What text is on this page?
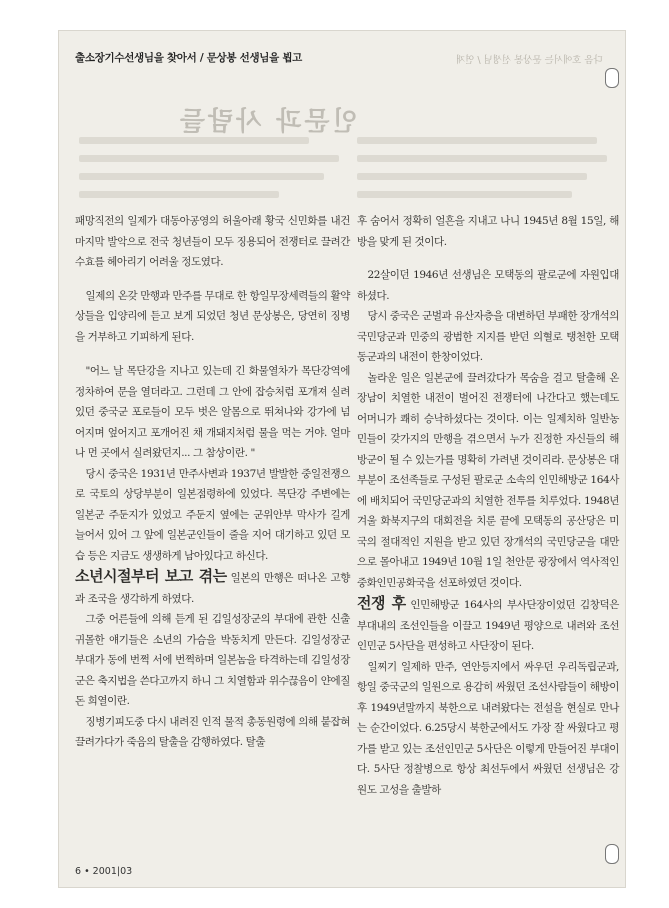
출소장기수선생님을 찾아서 / 문상봉 선생님을 뵙고	다음 호에서는 문상봉 선생님 / 연재
인문과 사람들

패망직전의 일제가 대동아공영의 허울아래 황국 신민화를 내건 마지막 발악으로 전국 청년들이 모두 징용되어 전쟁터로 끌려간 수효를 헤아리기 어려울 정도였다.

일제의 온갖 만행과 만주를 무대로 한 항일무장세력들의 활약상들을 입양리에 듣고 보게 되었던 청년 문상봉은, 당연히 징병을 거부하고 기피하게 된다.

"어느 날 목단강을 지나고 있는데 긴 화물열차가 목단강역에 정차하여 문을 열더라고. 그런데 그 안에 잡승처럼 포개져 실려있던 중국군 포로들이 모두 벗은 알몸으로 뛰쳐나와 강가에 넘어지며 엎어지고 포개어진 채 개돼지처럼 물을 먹는 거야. 얼마나 먼 곳에서 실려왔던지... 그 참상이란. "

당시 중국은 1931년 만주사변과 1937년 발발한 중일전쟁으로 국토의 상당부분이 일본점령하에 있었다. 목단강 주변에는 일본군 주둔지가 있었고 주둔지 옆에는 군위안부 막사가 길게 늘어서 있어 그 앞에 일본군인들이 줄을 지어 대기하고 있던 모습 등은 지금도 생생하게 남아있다고 하신다.

소년시절부터 보고 겪는 일본의 만행은 떠나온 고향과 조국을 생각하게 하였다.

그중 어른들에 의해 듣게 된 김일성장군의 부대에 관한 신출귀몰한 얘기들은 소년의 가슴을 박동치게 만든다. 김일성장군 부대가 동에 번쩍 서에 번쩍하며 일본놈을 타격하는데 김일성장군은 축지법을 쓴다고까지 하니 그 치열함과 위수끊음이 얀에질돈 희열이란.

징병기피도중 다시 내려진 인적 물적 총동원령에 의해 붙잡혀 끌려가다가 죽음의 탈출을 감행하였다. 탈출

후 숨어서 정확히 얼흔을 지내고 나니 1945년 8월 15일, 해방을 맞게 된 것이다.

22살이던 1946년 선생님은 모택동의 팔로군에 자원입대 하셨다.

당시 중국은 군벌과 유산자층을 대변하던 부패한 장개석의 국민당군과 민중의 광범한 지지를 받던 의혈로 탱천한 모택동군과의 내전이 한창이었다.

놀라운 일은 일본군에 끌려갔다가 목숨을 걸고 탈출해 온 장남이 치열한 내전이 벌어진 전쟁터에 나간다고 했는데도 어머니가 쾌히 승낙하셨다는 것이다. 이는 일제치하 일반농민들이 갖가지의 만행을 겪으면서 누가 진정한 자신들의 해방군이 될 수 있는가를 명확히 가려낸 것이리라. 문상봉은 대부분이 조선족들로 구성된 팔로군 소속의 인민해방군 164사에 배치되어 국민당군과의 치열한 전투를 치루었다. 1948년 겨울 화북지구의 대회전을 치룬 끝에 모택동의 공산당은 미국의 절대적인 지원을 받고 있던 장개석의 국민당군을 대만으로 몰아내고 1949년 10월 1일 천안문 광장에서 역사적인 중화인민공화국을 선포하였던 것이다.

전쟁 후 인민해방군 164사의 부사단장이었던 김창덕은 부대내의 조선인들을 이끌고 1949년 평양으로 내려와 조선인민군 5사단을 편성하고 사단장이 된다.

일찌기 일제하 만주, 연안등지에서 싸우던 우리독립군과, 항일 중국군의 일원으로 용감히 싸웠던 조선사람들이 해방이후 1949년말까지 북한으로 내려왔다는 전설을 현실로 만나는 순간이었다. 6.25당시 북한군에서도 가장 잘 싸웠다고 평가를 받고 있는 조선인민군 5사단은 이렇게 만들어진 부대이다. 5사단 정찰병으로 항상 최선두에서 싸웠던 선생님은 강원도 고성을 출발하

6 • 2001|03
